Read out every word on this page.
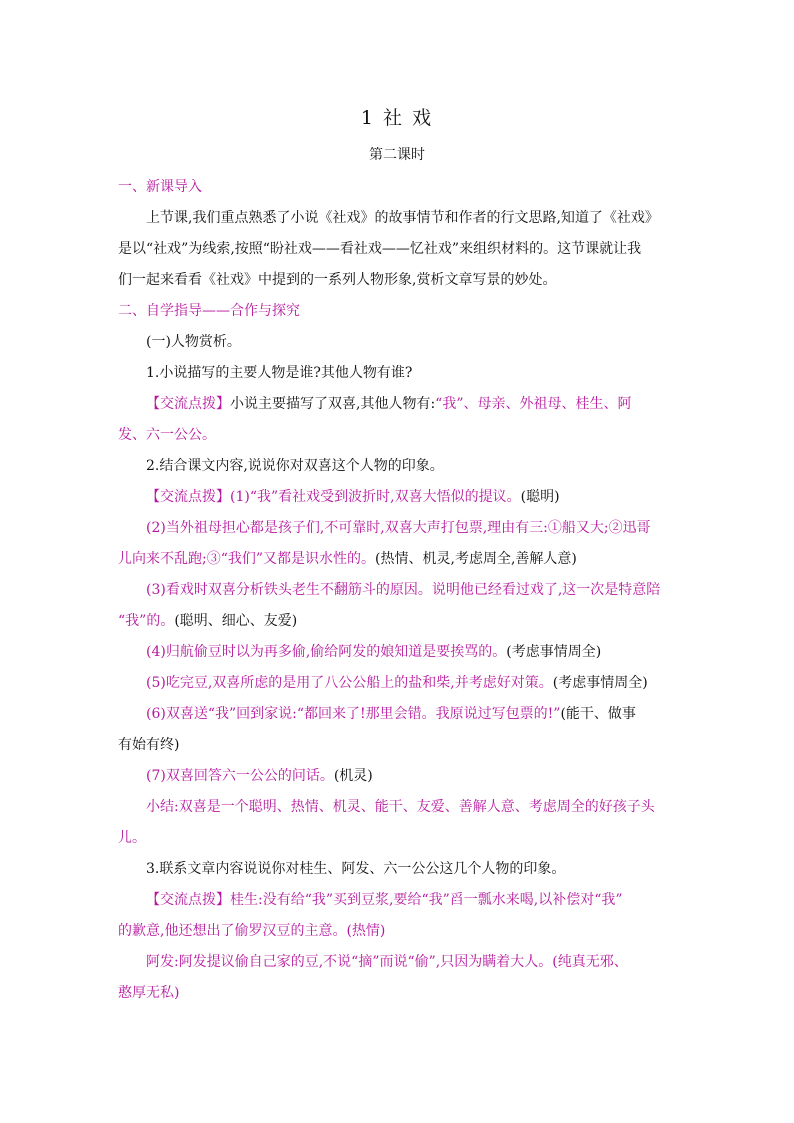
1 社 戏
第二课时
一、新课导入
上节课,我们重点熟悉了小说《社戏》的故事情节和作者的行文思路,知道了《社戏》
是以“社戏”为线索,按照“盼社戏——看社戏——忆社戏”来组织材料的。这节课就让我
们一起来看看《社戏》中提到的一系列人物形象,赏析文章写景的妙处。
二、自学指导——合作与探究
(一)人物赏析。
1.小说描写的主要人物是谁?其他人物有谁?
【交流点拨】小说主要描写了双喜,其他人物有:“我”、母亲、外祖母、桂生、阿
发、六一公公。
2.结合课文内容,说说你对双喜这个人物的印象。
【交流点拨】(1)“我”看社戏受到波折时,双喜大悟似的提议。(聪明)
(2)当外祖母担心都是孩子们,不可靠时,双喜大声打包票,理由有三:①船又大;②迅哥
儿向来不乱跑;③“我们”又都是识水性的。(热情、机灵,考虑周全,善解人意)
(3)看戏时双喜分析铁头老生不翻筋斗的原因。说明他已经看过戏了,这一次是特意陪
“我”的。(聪明、细心、友爱)
(4)归航偷豆时以为再多偷,偷给阿发的娘知道是要挨骂的。(考虑事情周全)
(5)吃完豆,双喜所虑的是用了八公公船上的盐和柴,并考虑好对策。(考虑事情周全)
(6)双喜送“我”回到家说:“都回来了!那里会错。我原说过写包票的!”(能干、做事
有始有终)
(7)双喜回答六一公公的问话。(机灵)
小结:双喜是一个聪明、热情、机灵、能干、友爱、善解人意、考虑周全的好孩子头
儿。
3.联系文章内容说说你对桂生、阿发、六一公公这几个人物的印象。
【交流点拨】桂生:没有给“我”买到豆浆,要给“我”舀一瓢水来喝,以补偿对“我”
的歉意,他还想出了偷罗汉豆的主意。(热情)
阿发:阿发提议偷自己家的豆,不说“摘”而说“偷”,只因为瞒着大人。(纯真无邪、
憨厚无私)
